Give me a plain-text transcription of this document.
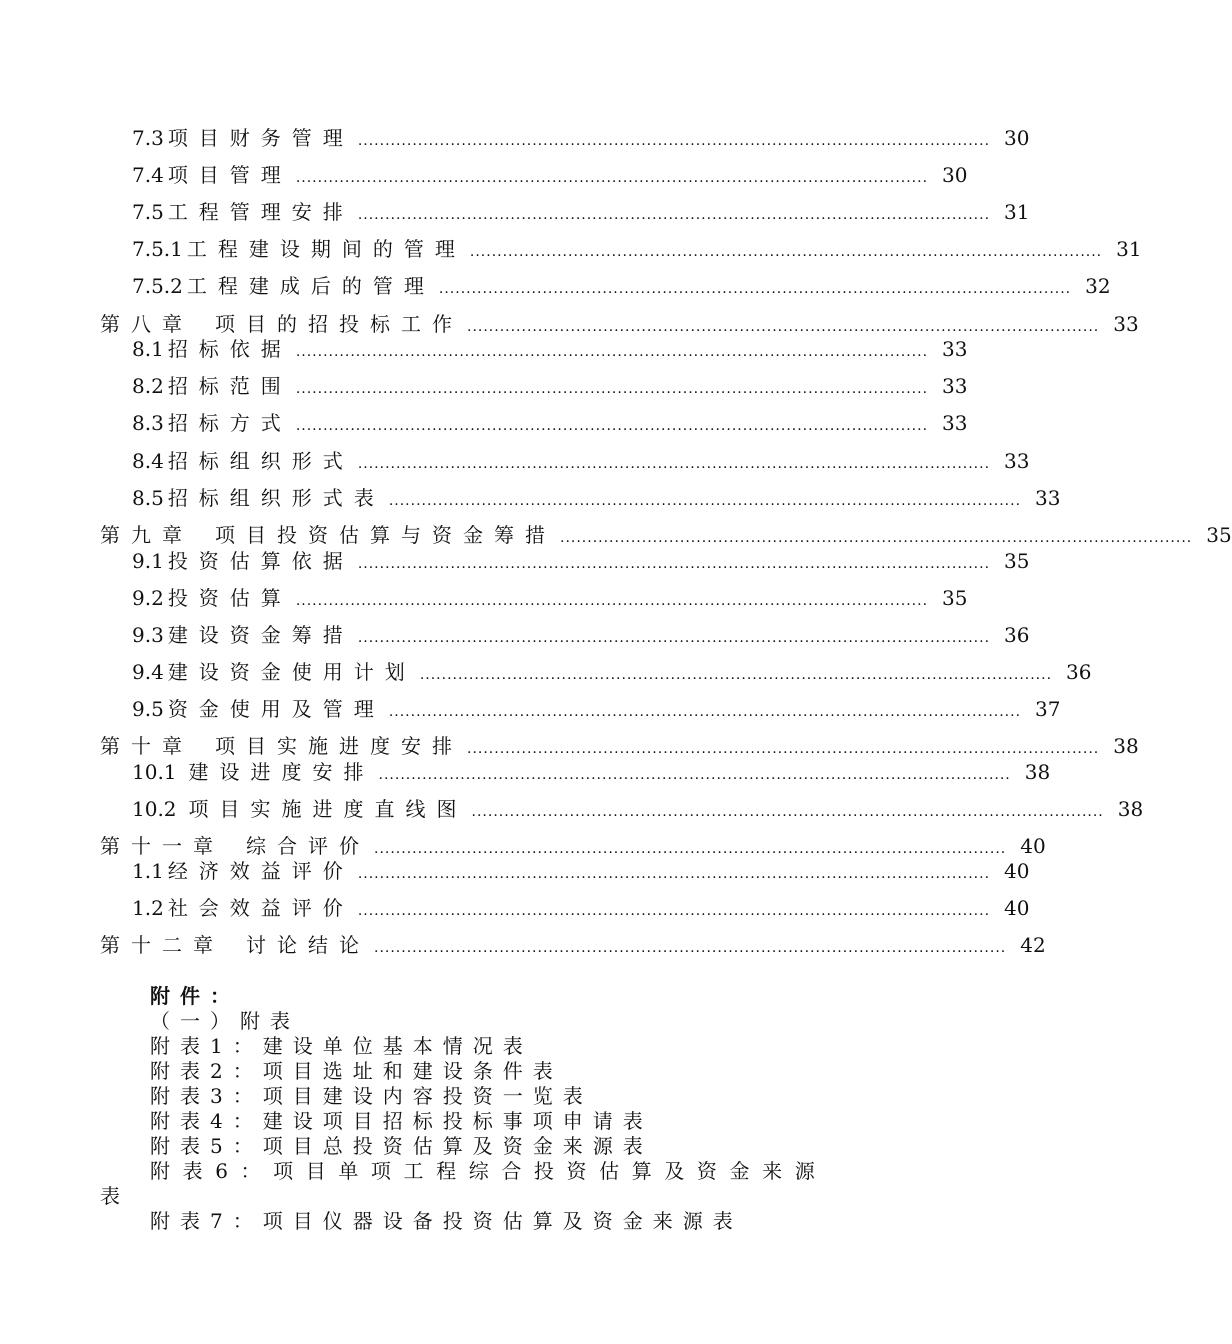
7.3 项目财务管理 .................................................................................................................... 30
7.4 项目管理 .................................................................................................................... 30
7.5 工程管理安排 .................................................................................................................... 31
7.5.1 工程建设期间的管理 .................................................................................................................... 31
7.5.2 工程建成后的管理 .................................................................................................................... 32
第八章 项目的招投标工作 .................................................................................................................... 33
8.1 招标依据 .................................................................................................................... 33
8.2 招标范围 .................................................................................................................... 33
8.3 招标方式 .................................................................................................................... 33
8.4 招标组织形式 .................................................................................................................... 33
8.5 招标组织形式表 .................................................................................................................... 33
第九章 项目投资估算与资金筹措 .................................................................................................................... 35
9.1 投资估算依据 .................................................................................................................... 35
9.2 投资估算 .................................................................................................................... 35
9.3 建设资金筹措 .................................................................................................................... 36
9.4 建设资金使用计划 .................................................................................................................... 36
9.5 资金使用及管理 .................................................................................................................... 37
第十章 项目实施进度安排 .................................................................................................................... 38
10.1 建设进度安排 .................................................................................................................... 38
10.2 项目实施进度直线图 .................................................................................................................... 38
第十一章 综合评价 .................................................................................................................... 40
1.1 经济效益评价 .................................................................................................................... 40
1.2 社会效益评价 .................................................................................................................... 40
第十二章 讨论结论 .................................................................................................................... 42
附件：
（一）附表
附表1：建设单位基本情况表
附表2：项目选址和建设条件表
附表3：项目建设内容投资一览表
附表4：建设项目招标投标事项申请表
附表5：项目总投资估算及资金来源表
附表6：项目单项工程综合投资估算及资金来源
表
附表7：项目仪器设备投资估算及资金来源表
